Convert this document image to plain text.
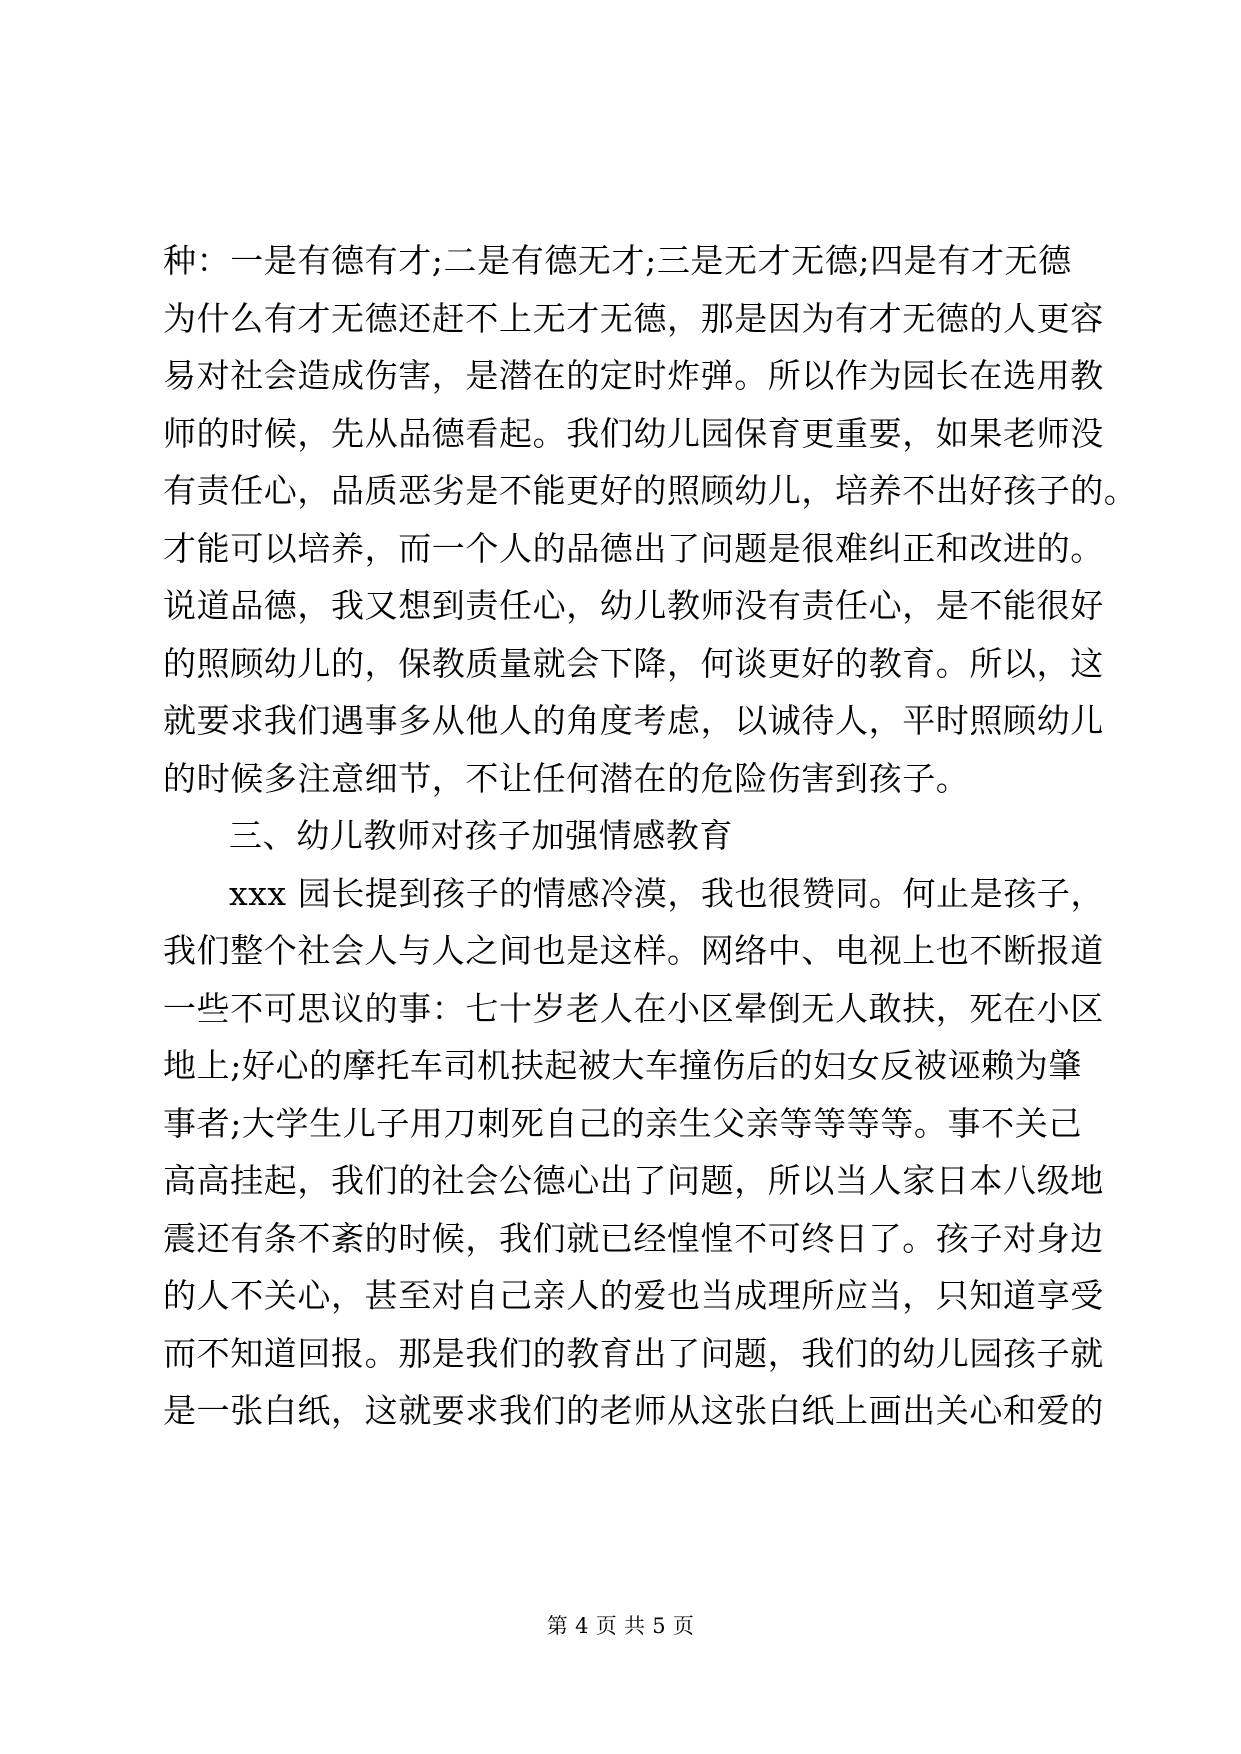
种：一是有德有才;二是有德无才;三是无才无德;四是有才无德
为什么有才无德还赶不上无才无德，那是因为有才无德的人更容
易对社会造成伤害，是潜在的定时炸弹。所以作为园长在选用教
师的时候，先从品德看起。我们幼儿园保育更重要，如果老师没
有责任心，品质恶劣是不能更好的照顾幼儿，培养不出好孩子的。
才能可以培养，而一个人的品德出了问题是很难纠正和改进的。
说道品德，我又想到责任心，幼儿教师没有责任心，是不能很好
的照顾幼儿的，保教质量就会下降，何谈更好的教育。所以，这
就要求我们遇事多从他人的角度考虑，以诚待人，平时照顾幼儿
的时候多注意细节，不让任何潜在的危险伤害到孩子。
三、幼儿教师对孩子加强情感教育
xxx 园长提到孩子的情感冷漠，我也很赞同。何止是孩子，
我们整个社会人与人之间也是这样。网络中、电视上也不断报道
一些不可思议的事：七十岁老人在小区晕倒无人敢扶，死在小区
地上;好心的摩托车司机扶起被大车撞伤后的妇女反被诬赖为肇
事者;大学生儿子用刀刺死自己的亲生父亲等等等等。事不关己
高高挂起，我们的社会公德心出了问题，所以当人家日本八级地
震还有条不紊的时候，我们就已经惶惶不可终日了。孩子对身边
的人不关心，甚至对自己亲人的爱也当成理所应当，只知道享受
而不知道回报。那是我们的教育出了问题，我们的幼儿园孩子就
是一张白纸，这就要求我们的老师从这张白纸上画出关心和爱的
第 4 页 共 5 页
